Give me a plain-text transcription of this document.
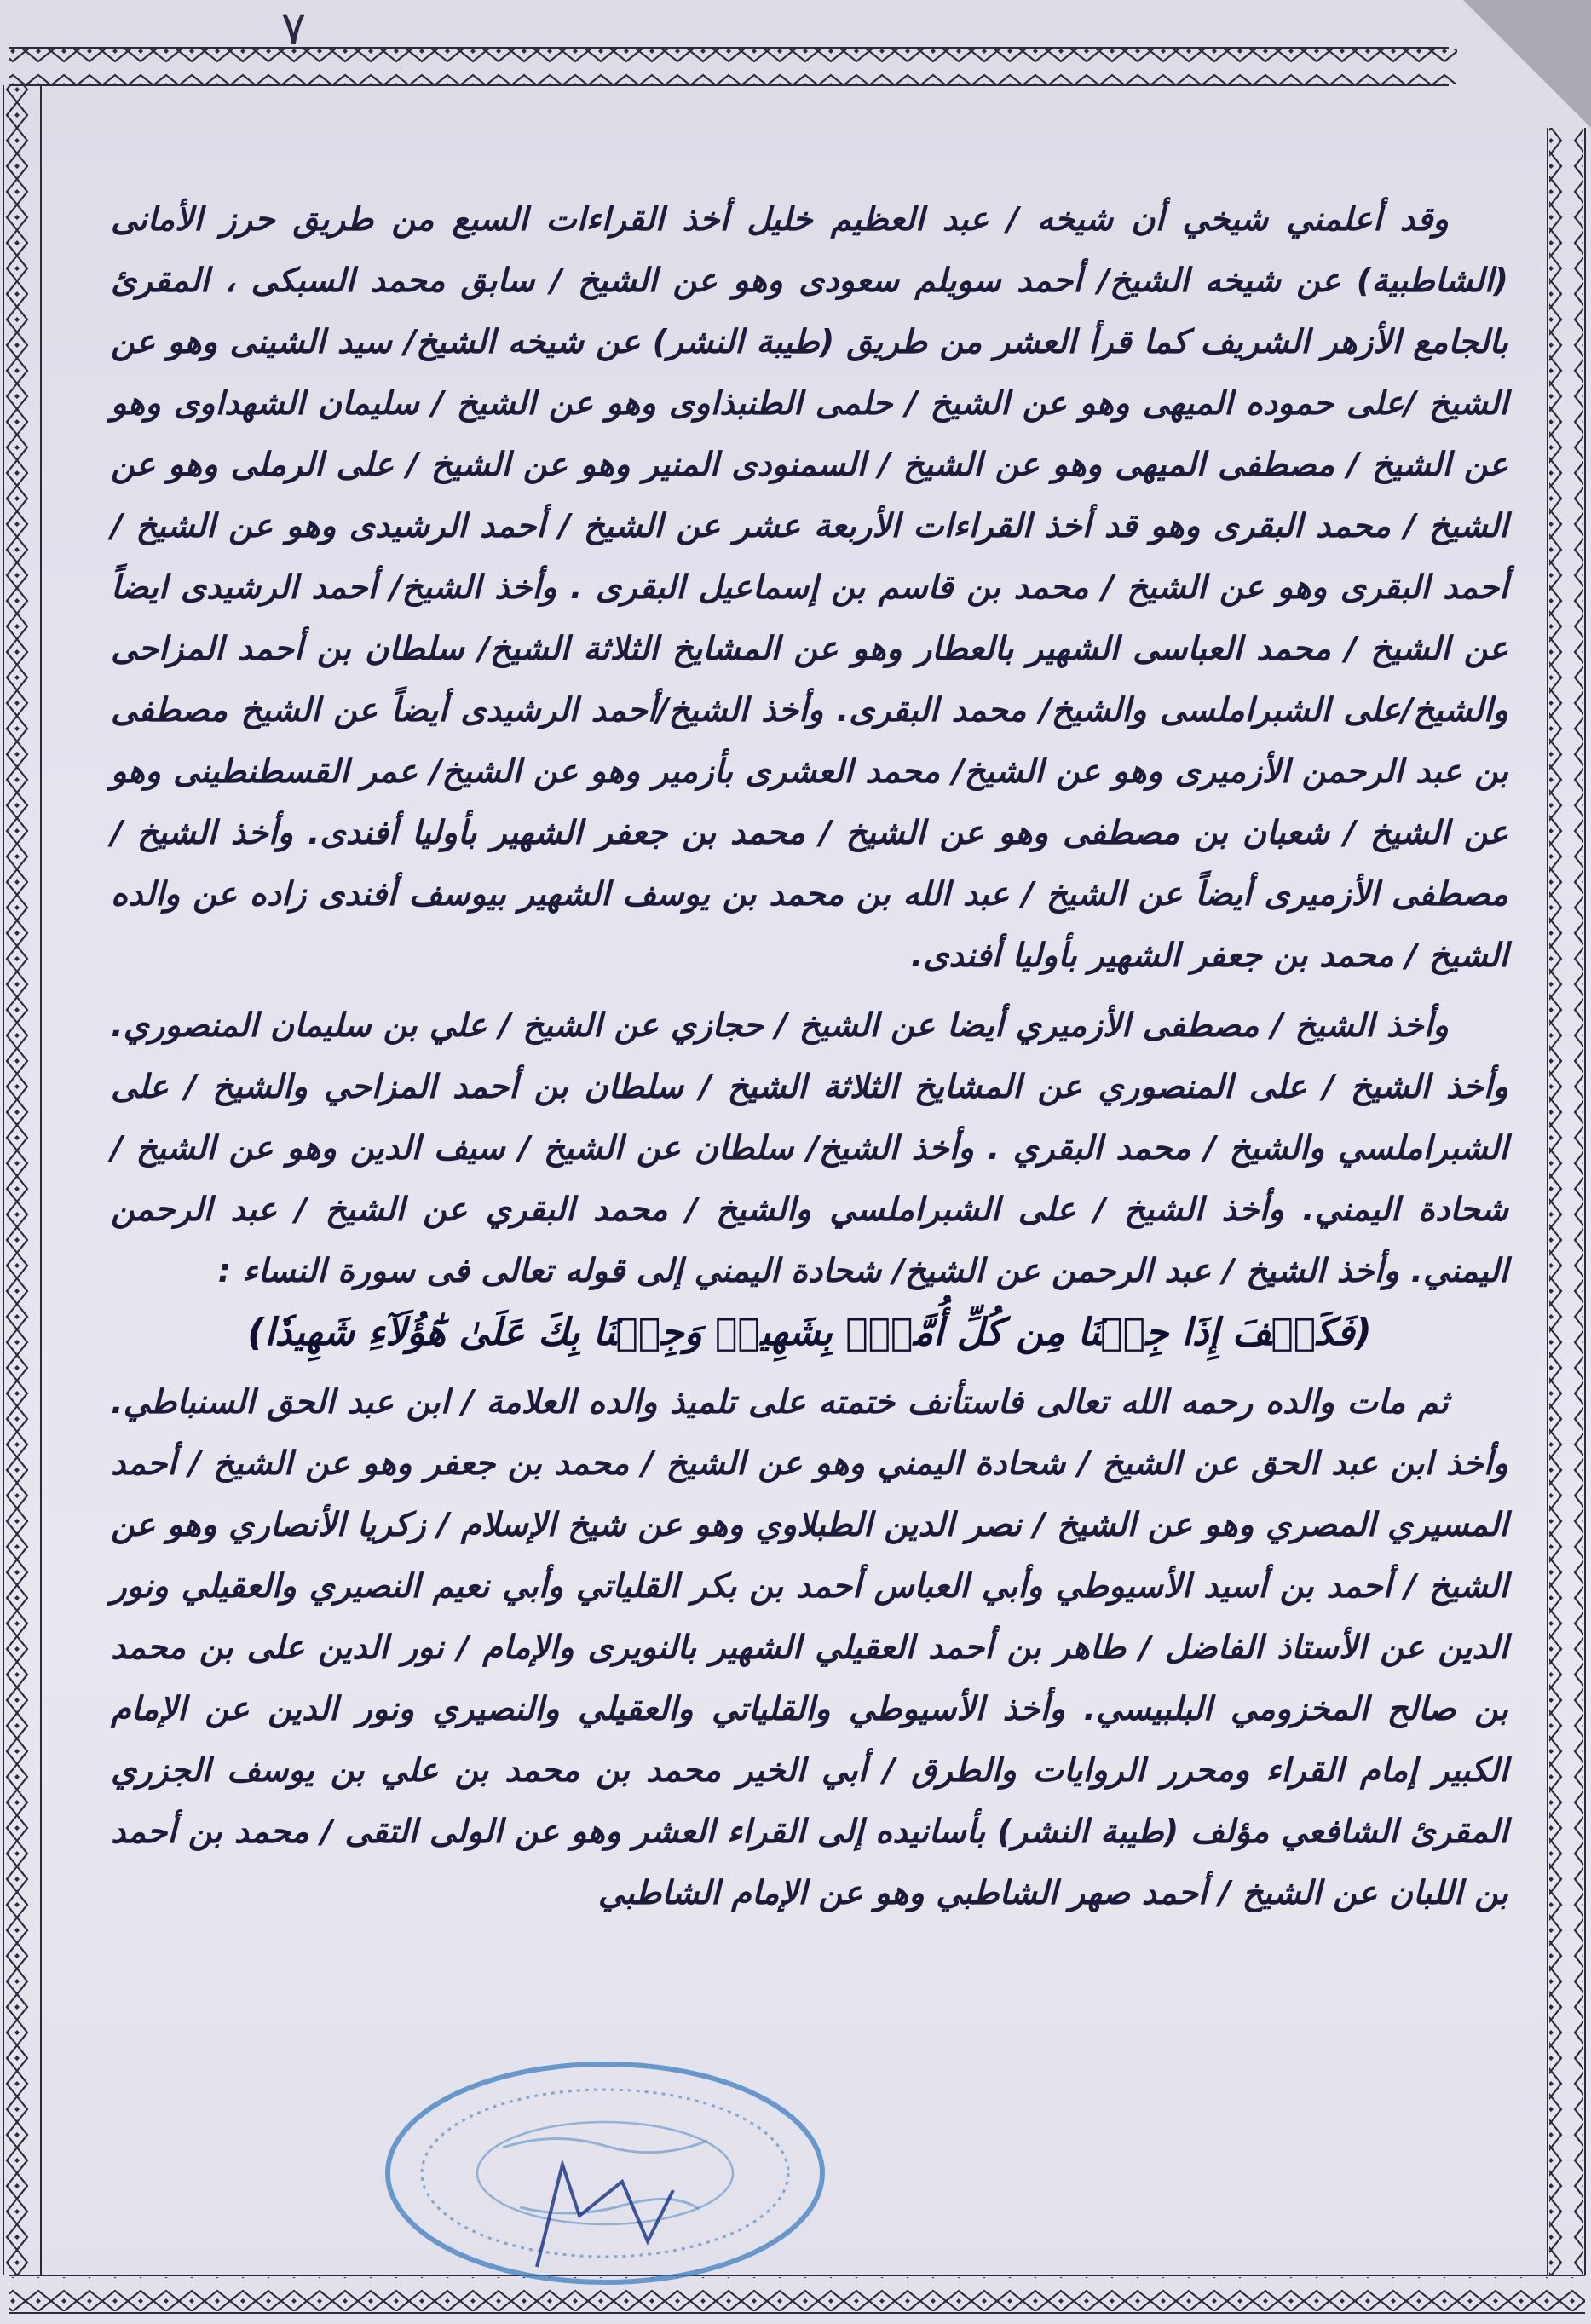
٧

وقد أعلمني شيخي أن شيخه / عبد العظيم خليل أخذ القراءات السبع من طريق حرز الأمانى (الشاطبية) عن شيخه الشيخ/ أحمد سويلم سعودى وهو عن الشيخ / سابق محمد السبكى ، المقرئ بالجامع الأزهر الشريف كما قرأ العشر من طريق (طيبة النشر) عن شيخه الشيخ/ سيد الشينى وهو عن الشيخ /على حموده الميهى وهو عن الشيخ / حلمى الطنبذاوى وهو عن الشيخ / سليمان الشهداوى وهو عن الشيخ / مصطفى الميهى وهو عن الشيخ / السمنودى المنير وهو عن الشيخ / على الرملى وهو عن الشيخ / محمد البقرى وهو قد أخذ القراءات الأربعة عشر عن الشيخ / أحمد الرشيدى وهو عن الشيخ / أحمد البقرى وهو عن الشيخ / محمد بن قاسم بن إسماعيل البقرى . وأخذ الشيخ/ أحمد الرشيدى ايضاً عن الشيخ / محمد العباسى الشهير بالعطار وهو عن المشايخ الثلاثة الشيخ/ سلطان بن أحمد المزاحى والشيخ/على الشبراملسى والشيخ/ محمد البقرى. وأخذ الشيخ/أحمد الرشيدى أيضاً عن الشيخ مصطفى بن عبد الرحمن الأزميرى وهو عن الشيخ/ محمد العشرى بأزمير وهو عن الشيخ/ عمر القسطنطينى وهو عن الشيخ / شعبان بن مصطفى وهو عن الشيخ / محمد بن جعفر الشهير بأوليا أفندى. وأخذ الشيخ / مصطفى الأزميرى أيضاً عن الشيخ / عبد الله بن محمد بن يوسف الشهير بيوسف أفندى زاده عن والده الشيخ / محمد بن جعفر الشهير بأوليا أفندى.

وأخذ الشيخ / مصطفى الأزميري أيضا عن الشيخ / حجازي عن الشيخ / علي بن سليمان المنصوري. وأخذ الشيخ / على المنصوري عن المشايخ الثلاثة الشيخ / سلطان بن أحمد المزاحي والشيخ / على الشبراملسي والشيخ / محمد البقري . وأخذ الشيخ/ سلطان عن الشيخ / سيف الدين وهو عن الشيخ / شحادة اليمني. وأخذ الشيخ / على الشبراملسي والشيخ / محمد البقري عن الشيخ / عبد الرحمن اليمني. وأخذ الشيخ / عبد الرحمن عن الشيخ/ شحادة اليمني إلى قوله تعالى فى سورة النساء :

(فَكَيۡفَ إِذَا جِئۡنَا مِن كُلِّ أُمَّةِۭ بِشَهِيدٖ وَجِئۡنَا بِكَ عَلَىٰ هَٰٓؤُلَآءِ شَهِيدٗا)

ثم مات والده رحمه الله تعالى فاستأنف ختمته على تلميذ والده العلامة / ابن عبد الحق السنباطي. وأخذ ابن عبد الحق عن الشيخ / شحادة اليمني وهو عن الشيخ / محمد بن جعفر وهو عن الشيخ / أحمد المسيري المصري وهو عن الشيخ / نصر الدين الطبلاوي وهو عن شيخ الإسلام / زكريا الأنصاري وهو عن الشيخ / أحمد بن أسيد الأسيوطي وأبي العباس أحمد بن بكر القلياتي وأبي نعيم النصيري والعقيلي ونور الدين عن الأستاذ الفاضل / طاهر بن أحمد العقيلي الشهير بالنويرى والإمام / نور الدين على بن محمد بن صالح المخزومي البلبيسي. وأخذ الأسيوطي والقلياتي والعقيلي والنصيري ونور الدين عن الإمام الكبير إمام القراء ومحرر الروايات والطرق / أبي الخير محمد بن محمد بن علي بن يوسف الجزري المقرئ الشافعي مؤلف (طيبة النشر) بأسانيده إلى القراء العشر وهو عن الولى التقى / محمد بن أحمد بن اللبان عن الشيخ / أحمد صهر الشاطبي وهو عن الإمام الشاطبي
